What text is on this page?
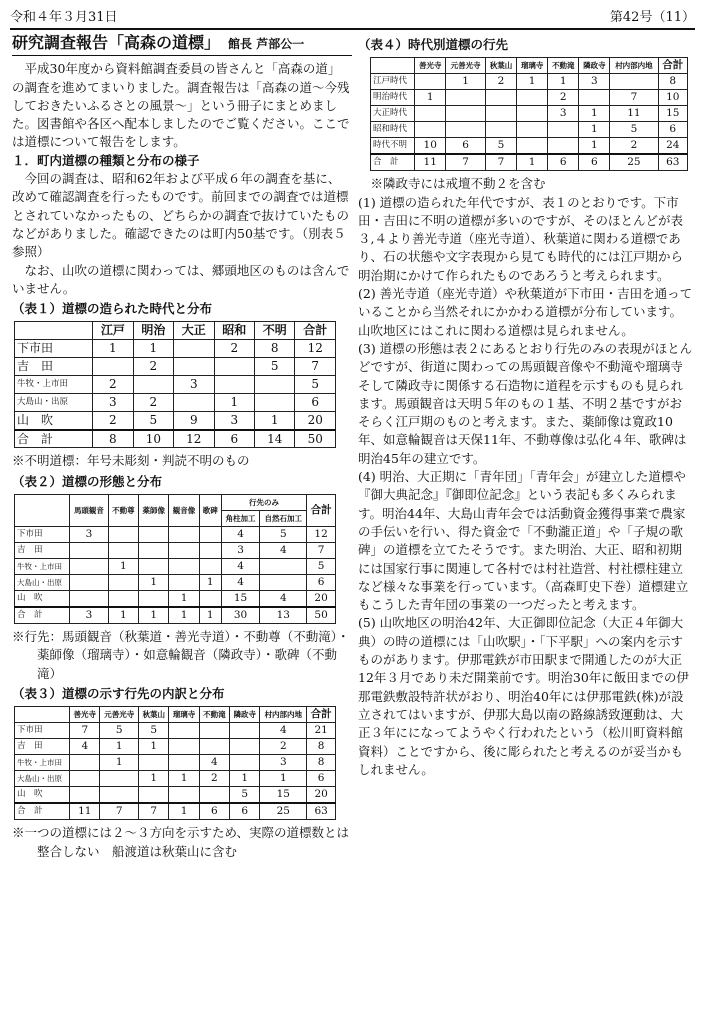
令和４年３月31日	第42号（11）
研究調査報告「高森の道標」 館長 芦部公一

平成30年度から資料館調査委員の皆さんと「高森の道」の調査を進めてまいりました。調査報告は「高森の道～今残しておきたいふるさとの風景～」という冊子にまとめました。図書館や各区へ配本しましたのでご覧ください。ここでは道標について報告をします。

１．町内道標の種類と分布の様子

今回の調査は、昭和62年および平成６年の調査を基に、改めて確認調査を行ったものです。前回までの調査では道標とされていなかったもの、どちらかの調査で抜けていたものなどがありました。確認できたのは町内50基です。（別表５参照）

なお、山吹の道標に関わっては、郷頭地区のものは含んでいません。

（表１）道標の造られた時代と分布
	江戸	明治	大正	昭和	不明	合計
下市田	1	1		2	8	12
吉　田		2			5	7
牛牧・上市田	2		3			5
大島山・出原	3	2		1		6
山　吹	2	5	9	3	1	20
合　計	8	10	12	6	14	50
※不明道標：年号未彫刻・判読不明のもの
（表２）道標の形態と分布
	馬頭観音	不動尊	薬師像	観音像	歌碑	行先のみ		合計
						角柱加工	自然石加工	
下市田	3					4	5	12
吉　田						3	4	7
牛牧・上市田		1				4		5
大島山・出原			1		1	4		6
山　吹				1		15	4	20
合　計	3	1	1	1	1	30	13	50
※行先：馬頭観音（秋葉道・善光寺道）・不動尊（不動滝）・薬師像（瑠璃寺）・如意輪観音（隣政寺）・歌碑（不動滝）
（表３）道標の示す行先の内訳と分布
	善光寺	元善光寺	秋葉山	瑠璃寺	不動滝	隣政寺	村内部内地	合計
下市田	7	5	5				4	21
吉　田	4	1	1				2	8
牛牧・上市田		1			4		3	8
大島山・出原			1	1	2	1	1	6
山　吹						5	15	20
合　計	11	7	7	1	6	6	25	63
※一つの道標には２～３方向を示すため、実際の道標数とは整合しない　船渡道は秋葉山に含む
（表４）時代別道標の行先
	善光寺	元善光寺	秋葉山	瑠璃寺	不動滝	隣政寺	村内部内地	合計
江戸時代		1	2	1	1	3		8
明治時代	1				2		7	10
大正時代					3	1	11	15
昭和時代						1	5	6
時代不明	10	6	5			1	2	24
合　計	11	7	7	1	6	6	25	63
※隣政寺には戒壇不動２を含む

(1) 道標の造られた年代ですが、表１のとおりです。下市田・吉田に不明の道標が多いのですが、そのほとんどが表３,４より善光寺道（座光寺道）、秋葉道に関わる道標であり、石の状態や文字表現から見ても時代的には江戸期から明治期にかけて作られたものであろうと考えられます。

(2) 善光寺道（座光寺道）や秋葉道が下市田・吉田を通っていることから当然それにかかわる道標が分布しています。山吹地区にはこれに関わる道標は見られません。

(3) 道標の形態は表２にあるとおり行先のみの表現がほとんどですが、街道に関わっての馬頭観音像や不動滝や瑠璃寺そして隣政寺に関係する石造物に道程を示すものも見られます。馬頭観音は天明５年のもの１基、不明２基ですがおそらく江戸期のものと考えます。また、薬師像は寛政10年、如意輪観音は天保11年、不動尊像は弘化４年、歌碑は明治45年の建立です。

(4) 明治、大正期に「青年団」「青年会」が建立した道標や『御大典記念』『御即位記念』という表記も多くみられます。明治44年、大島山青年会では活動資金獲得事業で農家の手伝いを行い、得た資金で「不動瀧正道」や「子規の歌碑」の道標を立てたそうです。また明治、大正、昭和初期には国家行事に関連して各村では村社造営、村社標柱建立など様々な事業を行っています。（高森町史下巻）道標建立もこうした青年団の事業の一つだったと考えます。

(5) 山吹地区の明治42年、大正御即位記念（大正４年御大典）の時の道標には「山吹駅」・「下平駅」への案内を示すものがあります。伊那電鉄が市田駅まで開通したのが大正12年３月であり未だ開業前です。明治30年に飯田までの伊那電鉄敷設特許状がおり、明治40年には伊那電鉄(株)が設立されてはいますが、伊那大島以南の路線誘致運動は、大正３年にになってようやく行われたという（松川町資料館資料）ことですから、後に彫られたと考えるのが妥当かもしれません。
